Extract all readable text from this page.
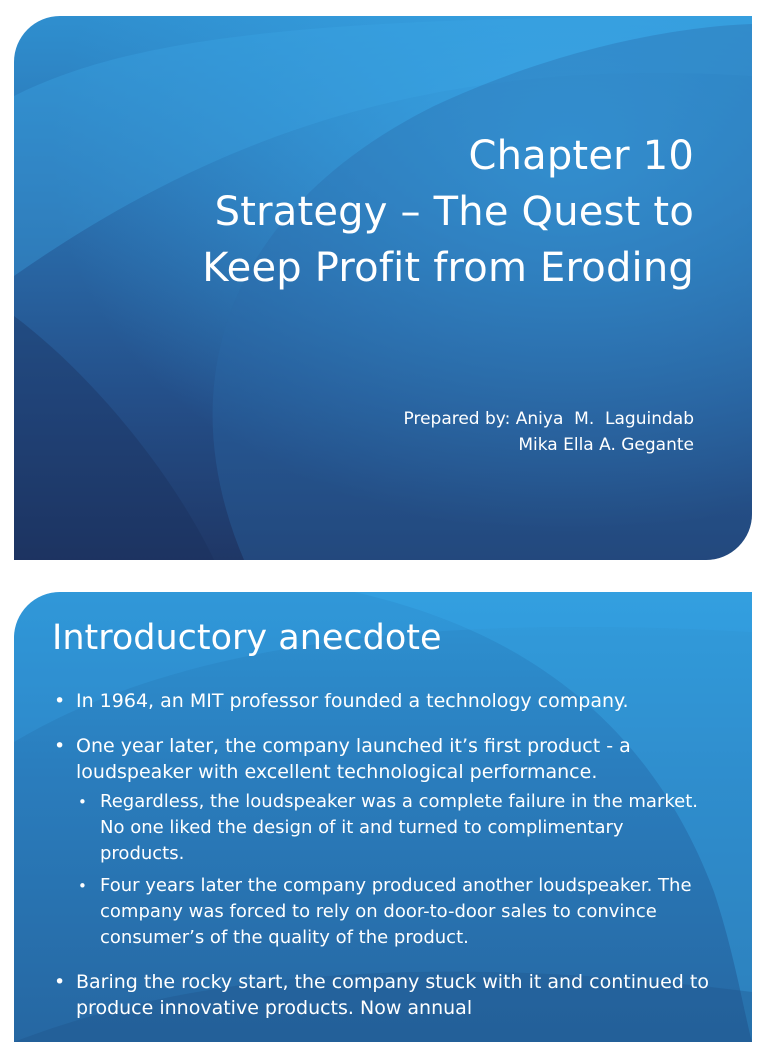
Chapter 10
Strategy – The Quest to
Keep Profit from Eroding
Prepared by: Aniya  M.  Laguindab
Mika Ella A. Gegante
Introductory anecdote
• In 1964, an MIT professor founded a technology company.
• One year later, the company launched it’s first product - a loudspeaker with excellent technological performance.
• Regardless, the loudspeaker was a complete failure in the market. No one liked the design of it and turned to complimentary products.
• Four years later the company produced another loudspeaker. The company was forced to rely on door-to-door sales to convince consumer’s of the quality of the product.
• Baring the rocky start, the company stuck with it and continued to produce innovative products. Now annual
